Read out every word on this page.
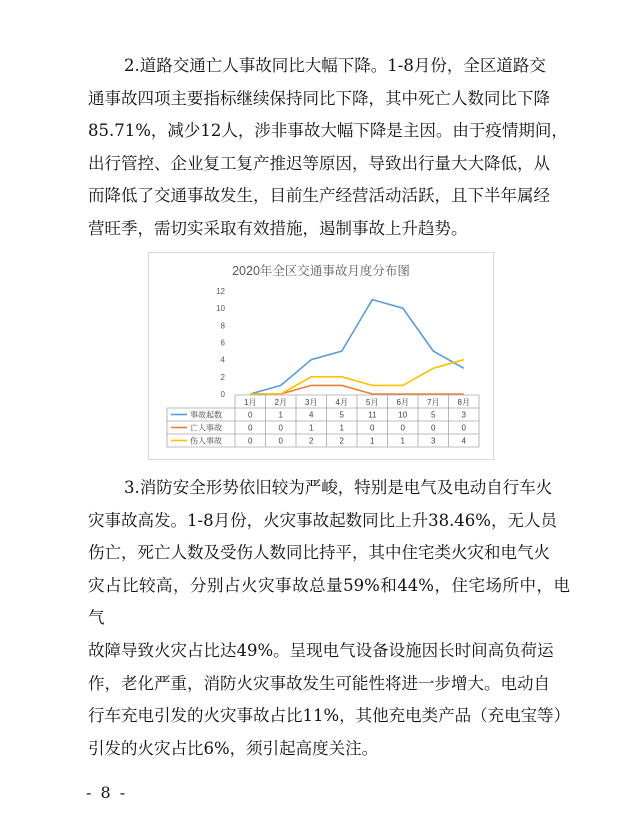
2.道路交通亡人事故同比大幅下降。1-8月份，全区道路交

通事故四项主要指标继续保持同比下降，其中死亡人数同比下降

85.71%，减少12人，涉非事故大幅下降是主因。由于疫情期间，

出行管控、企业复工复产推迟等原因，导致出行量大大降低，从

而降低了交通事故发生，目前生产经营活动活跃，且下半年属经

营旺季，需切实采取有效措施，遏制事故上升趋势。

2020年全区交通事故月度分布图
0
2
4
6
8
10
12
1月 2月 3月 4月 5月 6月 7月 8月
事故起数	0	1	4	5	11	10	5	3
亡人事故	0	0	1	1	0	0	0	0
伤人事故	0	0	2	2	1	1	3	4

3.消防安全形势依旧较为严峻，特别是电气及电动自行车火

灾事故高发。1-8月份，火灾事故起数同比上升38.46%，无人员

伤亡，死亡人数及受伤人数同比持平，其中住宅类火灾和电气火

灾占比较高，分别占火灾事故总量59%和44%，住宅场所中，电气

故障导致火灾占比达49%。呈现电气设备设施因长时间高负荷运

作，老化严重，消防火灾事故发生可能性将进一步增大。电动自

行车充电引发的火灾事故占比11%，其他充电类产品（充电宝等）

引发的火灾占比6%，须引起高度关注。

- 8 -
